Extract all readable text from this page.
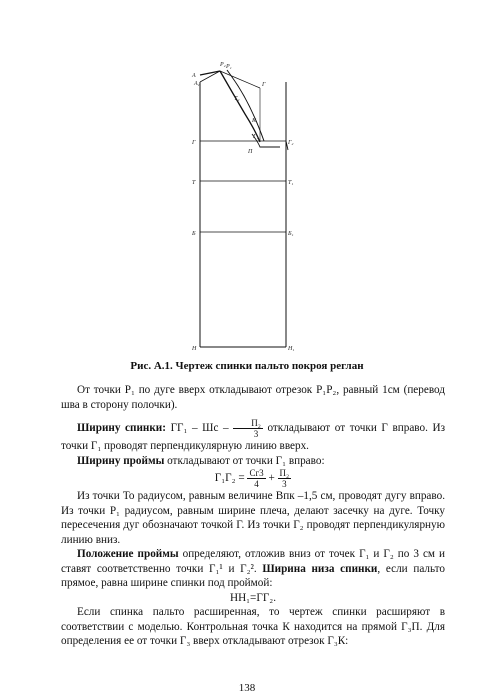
A
A₁
P₂ P₁
Г
T₂
К
Г
Г₁
Г₂
П
T	T₁
Б	Б₁
Н	Н₁
Рис. А.1. Чертеж спинки пальто покроя реглан

От точки Р₁ по дуге вверх откладывают отрезок Р₁Р₂, равный 1см (перевод шва в сторону полочки).

Ширину спинки: ГГ₁ – Шс – $\frac{\text{П₂}}{3}$ откладывают от точки Г вправо. Из точки Г₁ проводят перпендикулярную линию вверх.

Ширину проймы откладывают от точки Г₁ вправо:

$Г_1Г_2 = \frac{Сг3}{4} + \frac{\text{П₂}}{3}$

Из точки То радиусом, равным величине Впк –1,5 см, проводят дугу вправо. Из точки Р₁ радиусом, равным ширине плеча, делают засечку на дуге. Точку пересечения дуг обозначают точкой Г. Из точки Г₂ проводят перпендикулярную линию вниз.

Положение проймы определяют, отложив вниз от точек Г₁ и Г₂ по 3 см и ставят соответственно точки Г₁¹ и Г₂². Ширина низа спинки, если пальто прямое, равна ширине спинки под проймой:

НН₁=ГГ₂.

Если спинка пальто расширенная, то чертеж спинки расширяют в соответствии с моделью. Контрольная точка К находится на прямой Г₃П. Для определения ее от точки Г₃ вверх откладывают отрезок Г₃К:

138
